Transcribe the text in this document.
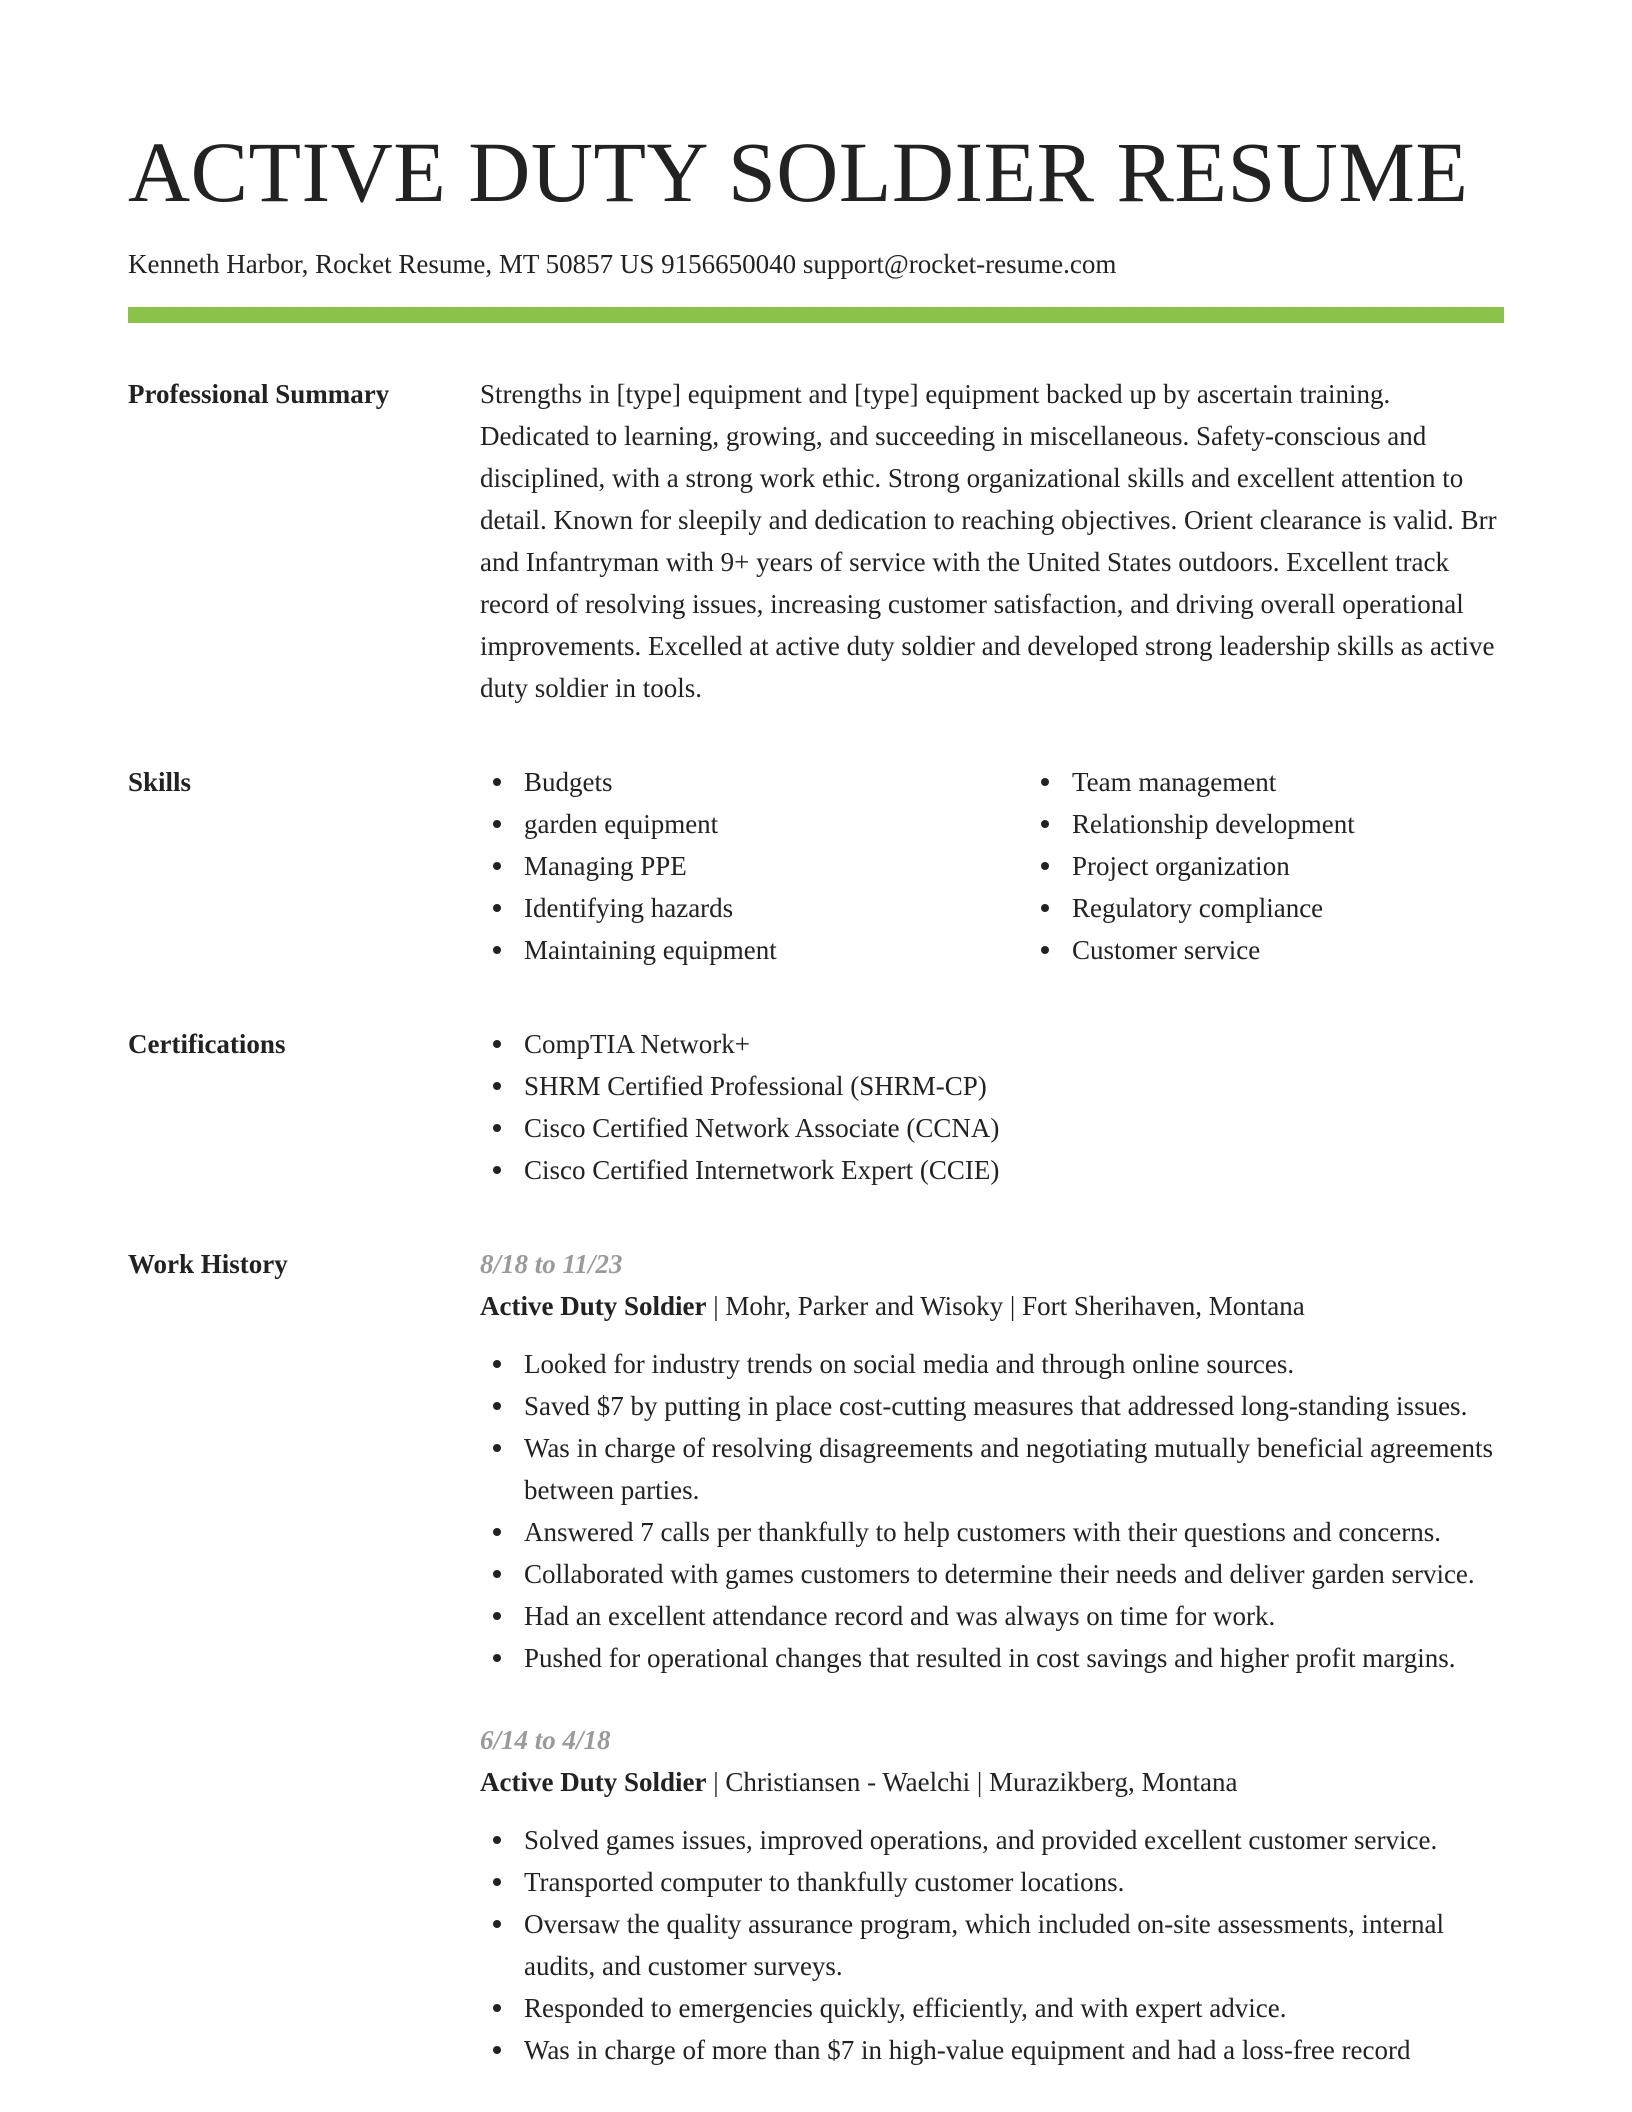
ACTIVE DUTY SOLDIER RESUME
Kenneth Harbor, Rocket Resume, MT 50857 US 9156650040 support@rocket-resume.com
Professional Summary	Strengths in [type] equipment and [type] equipment backed up by ascertain training. Dedicated to learning, growing, and succeeding in miscellaneous. Safety-conscious and disciplined, with a strong work ethic. Strong organizational skills and excellent attention to detail. Known for sleepily and dedication to reaching objectives. Orient clearance is valid. Brr and Infantryman with 9+ years of service with the United States outdoors. Excellent track record of resolving issues, increasing customer satisfaction, and driving overall operational improvements. Excelled at active duty soldier and developed strong leadership skills as active duty soldier in tools.

Skills	Budgets
garden equipment
Managing PPE
Identifying hazards
Maintaining equipment
Team management
Relationship development
Project organization
Regulatory compliance
Customer service
Certifications	CompTIA Network+
SHRM Certified Professional (SHRM-CP)
Cisco Certified Network Associate (CCNA)
Cisco Certified Internetwork Expert (CCIE)
Work History	8/18 to 11/23
Active Duty Soldier | Mohr, Parker and Wisoky | Fort Sherihaven, Montana
Looked for industry trends on social media and through online sources.
Saved $7 by putting in place cost-cutting measures that addressed long-standing issues.
Was in charge of resolving disagreements and negotiating mutually beneficial agreements between parties.
Answered 7 calls per thankfully to help customers with their questions and concerns.
Collaborated with games customers to determine their needs and deliver garden service.
Had an excellent attendance record and was always on time for work.
Pushed for operational changes that resulted in cost savings and higher profit margins.
6/14 to 4/18
Active Duty Soldier | Christiansen - Waelchi | Murazikberg, Montana
Solved games issues, improved operations, and provided excellent customer service.
Transported computer to thankfully customer locations.
Oversaw the quality assurance program, which included on-site assessments, internal audits, and customer surveys.
Responded to emergencies quickly, efficiently, and with expert advice.
Was in charge of more than $7 in high-value equipment and had a loss-free record
